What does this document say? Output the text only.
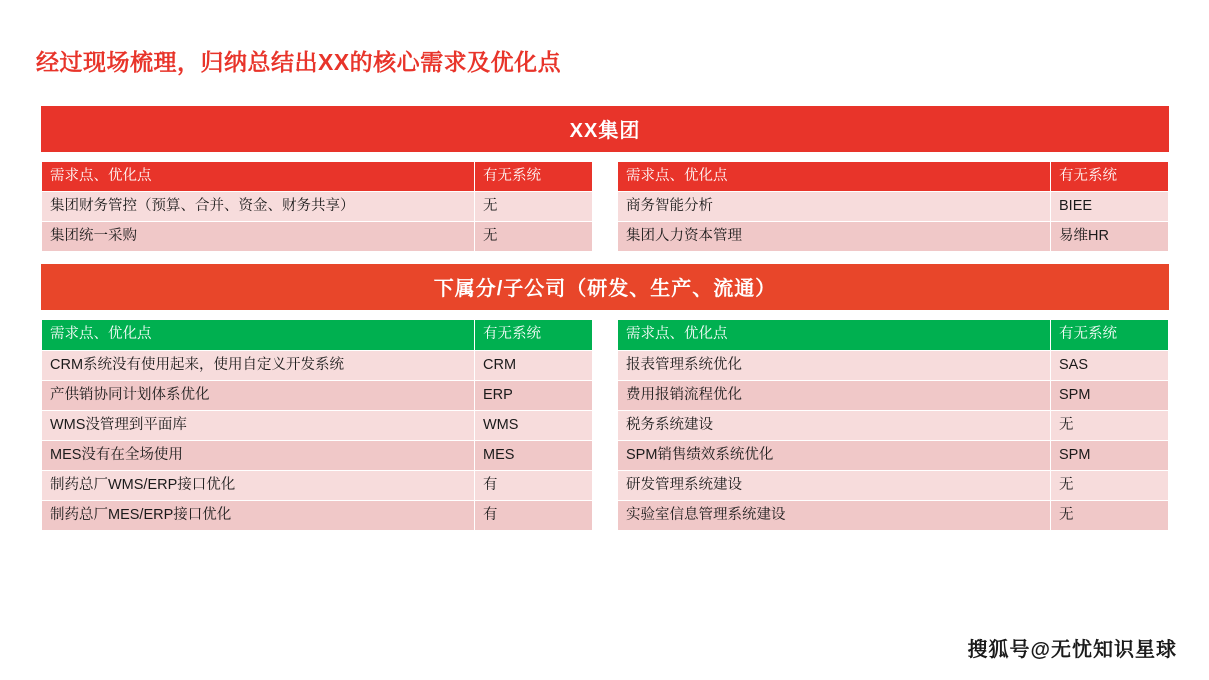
经过现场梳理，归纳总结出XX的核心需求及优化点
XX集团
需求点、优化点	有无系统
集团财务管控（预算、合并、资金、财务共享）	无
集团统一采购	无
需求点、优化点	有无系统
商务智能分析	BIEE
集团人力资本管理	易维HR
下属分/子公司（研发、生产、流通）
需求点、优化点	有无系统
CRM系统没有使用起来，使用自定义开发系统	CRM
产供销协同计划体系优化	ERP
WMS没管理到平面库	WMS
MES没有在全场使用	MES
制药总厂WMS/ERP接口优化	有
制药总厂MES/ERP接口优化	有
需求点、优化点	有无系统
报表管理系统优化	SAS
费用报销流程优化	SPM
税务系统建设	无
SPM销售绩效系统优化	SPM
研发管理系统建设	无
实验室信息管理系统建设	无
搜狐号@无忧知识星球
